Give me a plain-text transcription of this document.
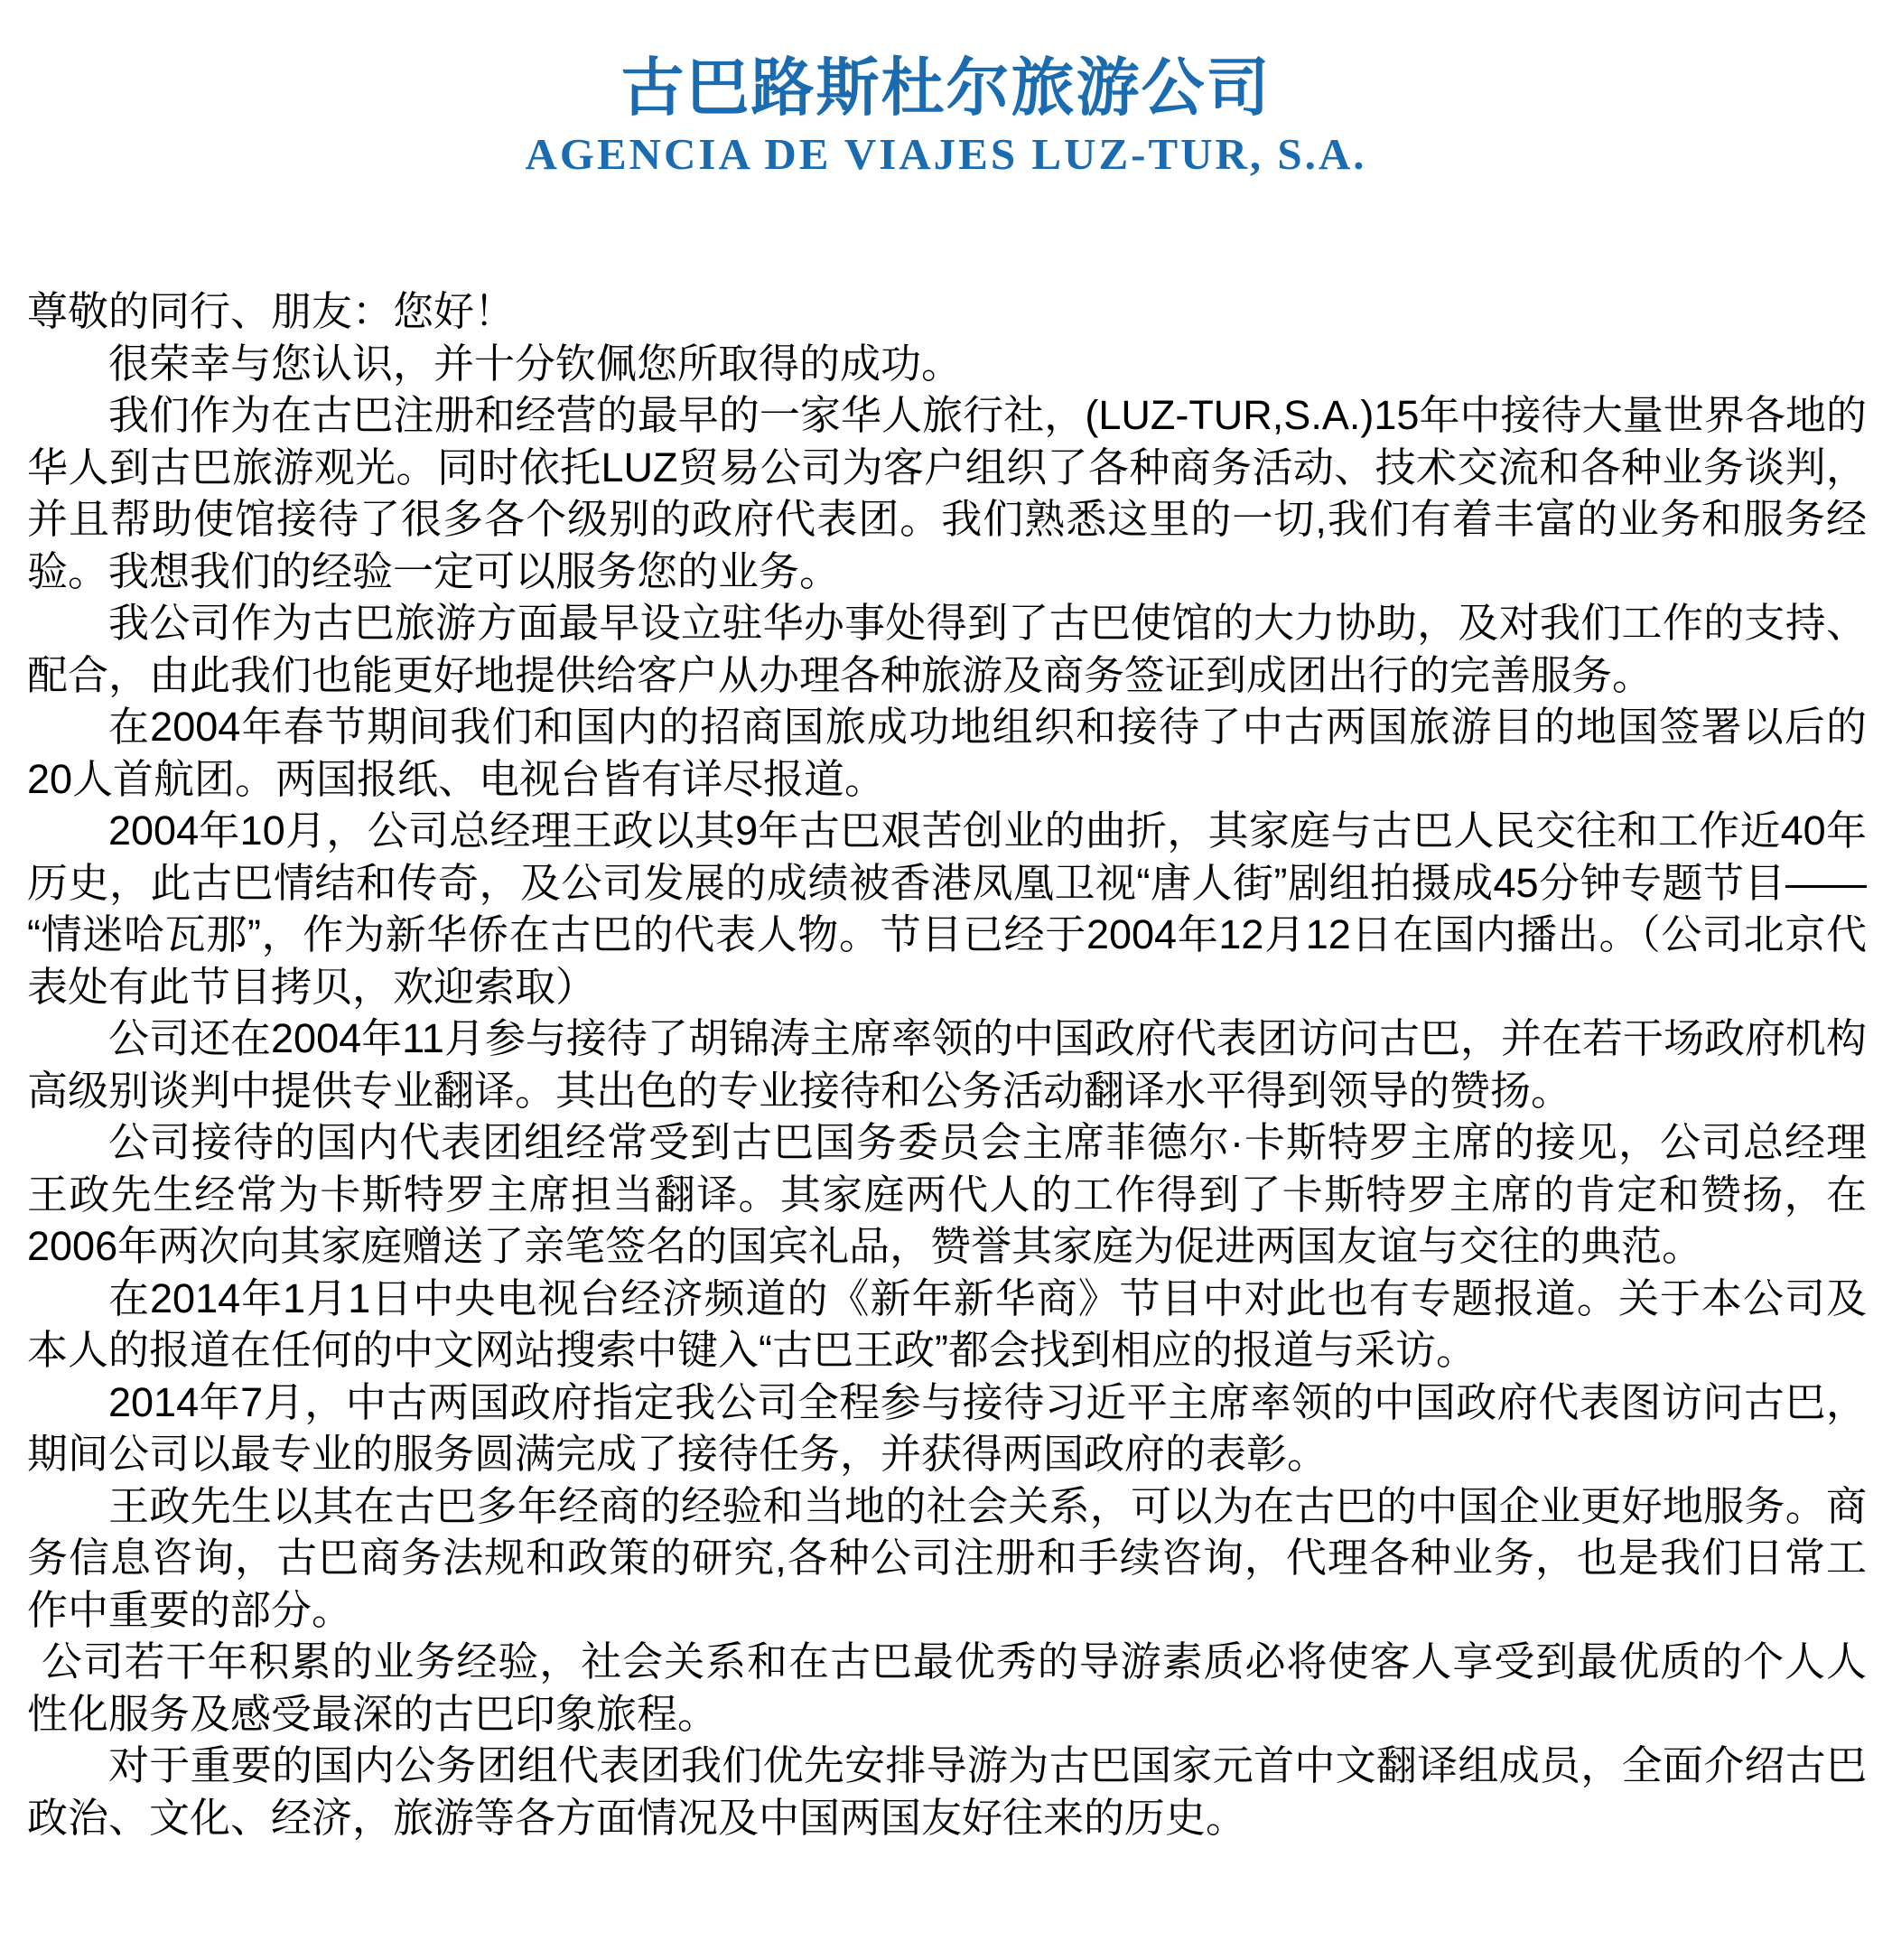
古巴路斯杜尔旅游公司
AGENCIA DE VIAJES LUZ-TUR, S.A.

尊敬的同行、朋友：您好！

很荣幸与您认识，并十分钦佩您所取得的成功。

我们作为在古巴注册和经营的最早的一家华人旅行社，(LUZ-TUR,S.A.)15年中接待大量世界各地的华人到古巴旅游观光。同时依托LUZ贸易公司为客户组织了各种商务活动、技术交流和各种业务谈判，并且帮助使馆接待了很多各个级别的政府代表团。我们熟悉这里的一切,我们有着丰富的业务和服务经验。我想我们的经验一定可以服务您的业务。

我公司作为古巴旅游方面最早设立驻华办事处得到了古巴使馆的大力协助，及对我们工作的支持、配合，由此我们也能更好地提供给客户从办理各种旅游及商务签证到成团出行的完善服务。

在2004年春节期间我们和国内的招商国旅成功地组织和接待了中古两国旅游目的地国签署以后的20人首航团。两国报纸、电视台皆有详尽报道。

2004年10月，公司总经理王政以其9年古巴艰苦创业的曲折，其家庭与古巴人民交往和工作近40年历史，此古巴情结和传奇，及公司发展的成绩被香港凤凰卫视“唐人街”剧组拍摄成45分钟专题节目——“情迷哈瓦那”，作为新华侨在古巴的代表人物。节目已经于2004年12月12日在国内播出。（公司北京代表处有此节目拷贝，欢迎索取）

公司还在2004年11月参与接待了胡锦涛主席率领的中国政府代表团访问古巴，并在若干场政府机构高级别谈判中提供专业翻译。其出色的专业接待和公务活动翻译水平得到领导的赞扬。

公司接待的国内代表团组经常受到古巴国务委员会主席菲德尔·卡斯特罗主席的接见，公司总经理王政先生经常为卡斯特罗主席担当翻译。其家庭两代人的工作得到了卡斯特罗主席的肯定和赞扬，在2006年两次向其家庭赠送了亲笔签名的国宾礼品，赞誉其家庭为促进两国友谊与交往的典范。

在2014年1月1日中央电视台经济频道的《新年新华商》节目中对此也有专题报道。关于本公司及本人的报道在任何的中文网站搜索中键入“古巴王政”都会找到相应的报道与采访。

2014年7月，中古两国政府指定我公司全程参与接待习近平主席率领的中国政府代表图访问古巴，期间公司以最专业的服务圆满完成了接待任务，并获得两国政府的表彰。

王政先生以其在古巴多年经商的经验和当地的社会关系，可以为在古巴的中国企业更好地服务。商务信息咨询，古巴商务法规和政策的研究,各种公司注册和手续咨询，代理各种业务，也是我们日常工作中重要的部分。

公司若干年积累的业务经验，社会关系和在古巴最优秀的导游素质必将使客人享受到最优质的个人人性化服务及感受最深的古巴印象旅程。

对于重要的国内公务团组代表团我们优先安排导游为古巴国家元首中文翻译组成员，全面介绍古巴政治、文化、经济，旅游等各方面情况及中国两国友好往来的历史。
